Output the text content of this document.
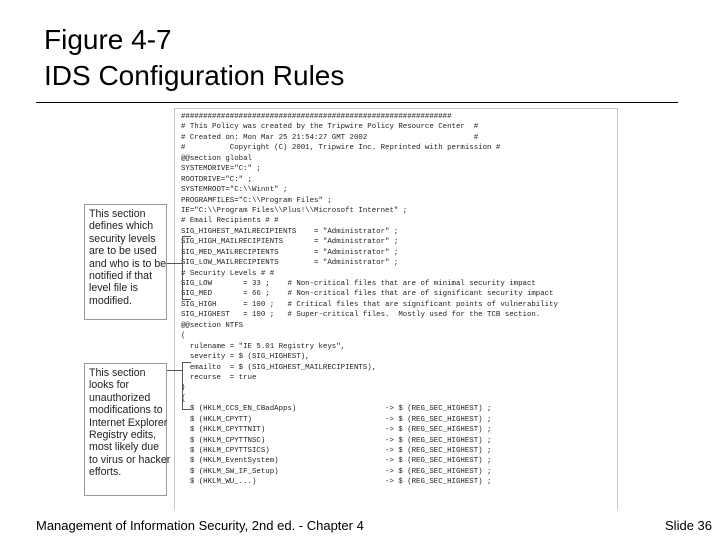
Figure 4-7
IDS Configuration Rules
#############################################################
# This Policy was created by the Tripwire Policy Resource Center  #
# Created on: Mon Mar 25 21:54:27 GMT 2002                        #
#          Copyright (C) 2001, Tripwire Inc. Reprinted with permission #
@@section global
SYSTEMDRIVE="C:" ;
ROOTDRIVE="C:" ;
SYSTEMROOT="C:\\Winnt" ;
PROGRAMFILES="C:\\Program Files" ;
IE="C:\\Program Files\\Plus!\\Microsoft Internet" ;
# Email Recipients # #
SIG_HIGHEST_MAILRECIPIENTS    = "Administrator" ;
SIG_HIGH_MAILRECIPIENTS       = "Administrator" ;
SIG_MED_MAILRECIPIENTS        = "Administrator" ;
SIG_LOW_MAILRECIPIENTS        = "Administrator" ;
# Security Levels # #
SIG_LOW       = 33 ;    # Non-critical files that are of minimal security impact
SIG_MED       = 66 ;    # Non-critical files that are of significant security impact
SIG_HIGH      = 100 ;   # Critical files that are significant points of vulnerability
SIG_HIGHEST   = 100 ;   # Super-critical files.  Mostly used for the TCB section.
@@section NTFS
(
rulename = "IE 5.01 Registry keys",
severity = $ (SIG_HIGHEST),
emailto  = $ (SIG_HIGHEST_MAILRECIPIENTS),
recurse  = true
)
{
$ (HKLM_CCS_EN_CBadApps)                    -> $ (REG_SEC_HIGHEST) ;
$ (HKLM_CPYTT)                              -> $ (REG_SEC_HIGHEST) ;
$ (HKLM_CPYTTNIT)                           -> $ (REG_SEC_HIGHEST) ;
$ (HKLM_CPYTTNSC)                           -> $ (REG_SEC_HIGHEST) ;
$ (HKLM_CPYTTSICS)                          -> $ (REG_SEC_HIGHEST) ;
$ (HKLM_EventSystem)                        -> $ (REG_SEC_HIGHEST) ;
$ (HKLM_SW_IF_Setup)                        -> $ (REG_SEC_HIGHEST) ;
$ (HKLM_WU_...)                             -> $ (REG_SEC_HIGHEST) ;
This section
defines which
security levels
are to be used
and who is to be
notified if that
level file is
modified.
This section
looks for
unauthorized
modifications to
Internet Explorer
Registry edits,
most likely due
to virus or hacker
efforts.
Management of Information Security, 2nd ed. - Chapter 4	Slide 36
